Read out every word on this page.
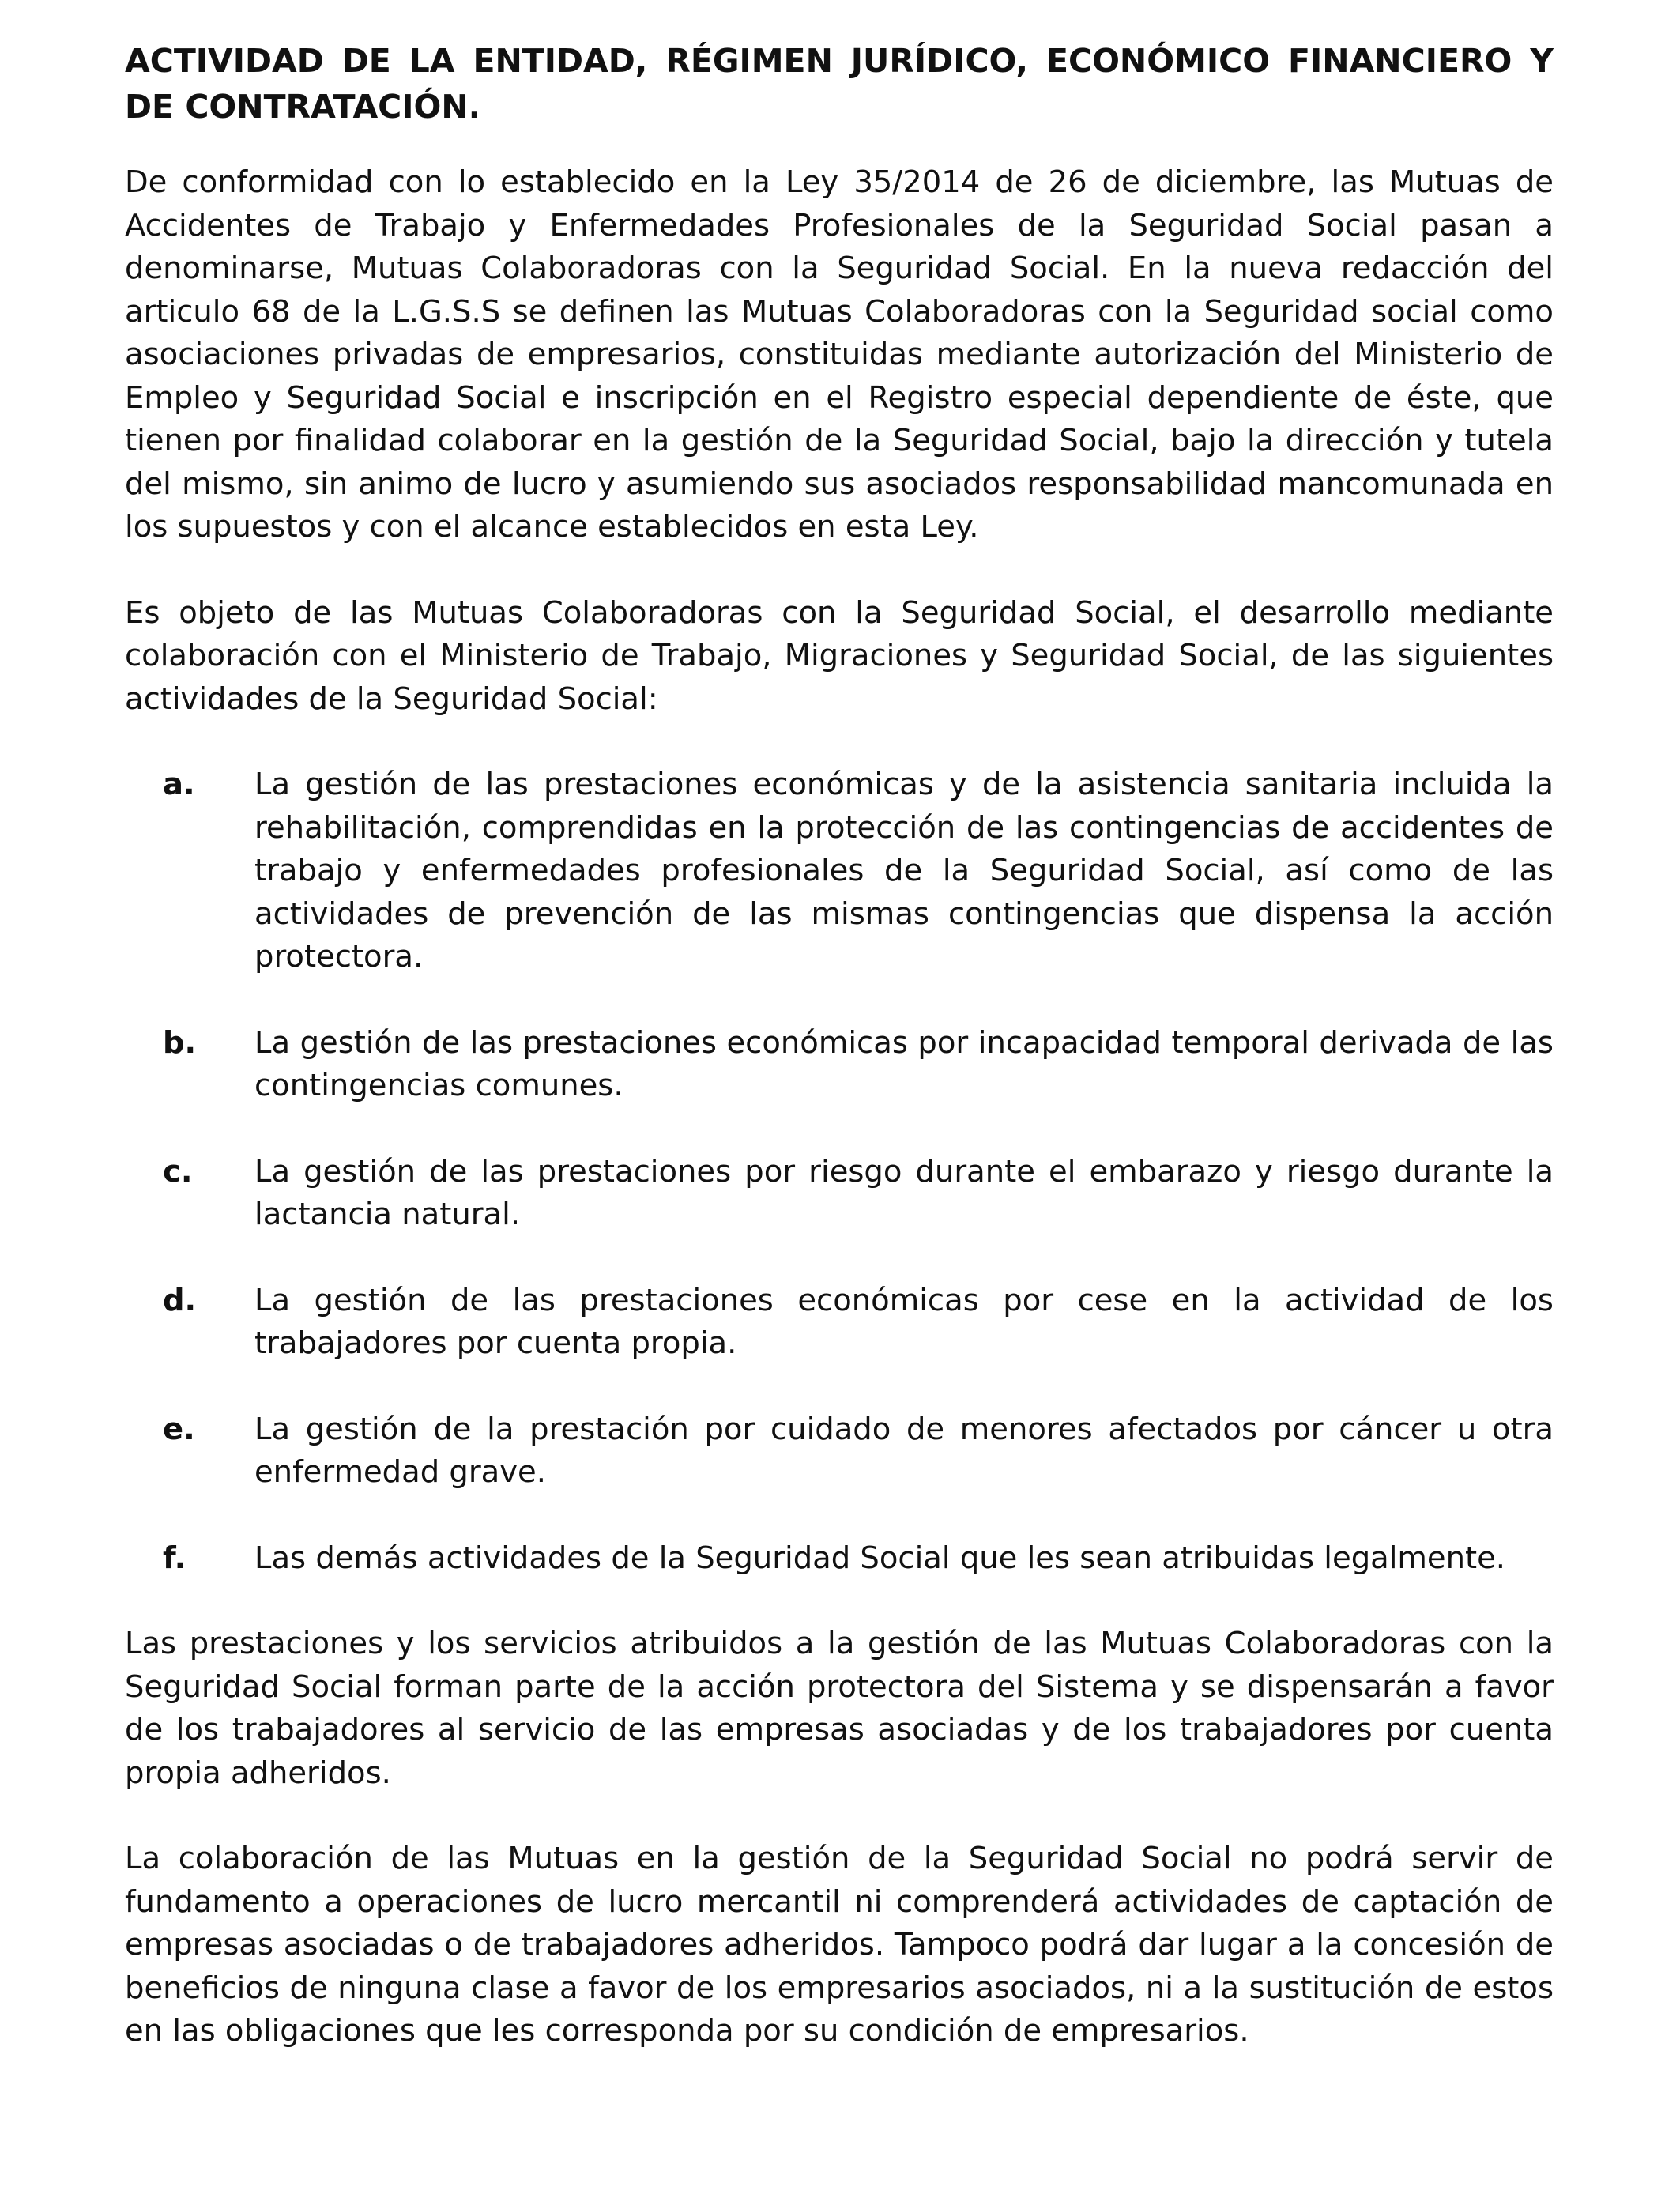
ACTIVIDAD DE LA ENTIDAD, RÉGIMEN JURÍDICO, ECONÓMICO FINANCIERO Y DE CONTRATACIÓN.

De conformidad con lo establecido en la Ley 35/2014 de 26 de diciembre, las Mutuas de Accidentes de Trabajo y Enfermedades Profesionales de la Seguridad Social pasan a denominarse, Mutuas Colaboradoras con la Seguridad Social. En la nueva redacción del articulo 68 de la L.G.S.S se definen las Mutuas Colaboradoras con la Seguridad social como asociaciones privadas de empresarios, constituidas mediante autorización del Ministerio de Empleo y Seguridad Social e inscripción en el Registro especial dependiente de éste, que tienen por finalidad colaborar en la gestión de la Seguridad Social, bajo la dirección y tutela del mismo, sin animo de lucro y asumiendo sus asociados responsabilidad mancomunada en los supuestos y con el alcance establecidos en esta Ley.

Es objeto de las Mutuas Colaboradoras con la Seguridad Social, el desarrollo mediante colaboración con el Ministerio de Trabajo, Migraciones y Seguridad Social, de las siguientes actividades de la Seguridad Social:

a. La gestión de las prestaciones económicas y de la asistencia sanitaria incluida la rehabilitación, comprendidas en la protección de las contingencias de accidentes de trabajo y enfermedades profesionales de la Seguridad Social, así como de las actividades de prevención de las mismas contingencias que dispensa la acción protectora.
b. La gestión de las prestaciones económicas por incapacidad temporal derivada de las contingencias comunes.
c. La gestión de las prestaciones por riesgo durante el embarazo y riesgo durante la lactancia natural.
d. La gestión de las prestaciones económicas por cese en la actividad de los trabajadores por cuenta propia.
e. La gestión de la prestación por cuidado de menores afectados por cáncer u otra enfermedad grave.
f.	Las demás actividades de la Seguridad Social que les sean atribuidas legalmente.

Las prestaciones y los servicios atribuidos a la gestión de las Mutuas Colaboradoras con la Seguridad Social forman parte de la acción protectora del Sistema y se dispensarán a favor de los trabajadores al servicio de las empresas asociadas y de los trabajadores por cuenta propia adheridos.

La colaboración de las Mutuas en la gestión de la Seguridad Social no podrá servir de fundamento a operaciones de lucro mercantil ni comprenderá actividades de captación de empresas asociadas o de trabajadores adheridos. Tampoco podrá dar lugar a la concesión de beneficios de ninguna clase a favor de los empresarios asociados, ni a la sustitución de estos en las obligaciones que les corresponda por su condición de empresarios.
